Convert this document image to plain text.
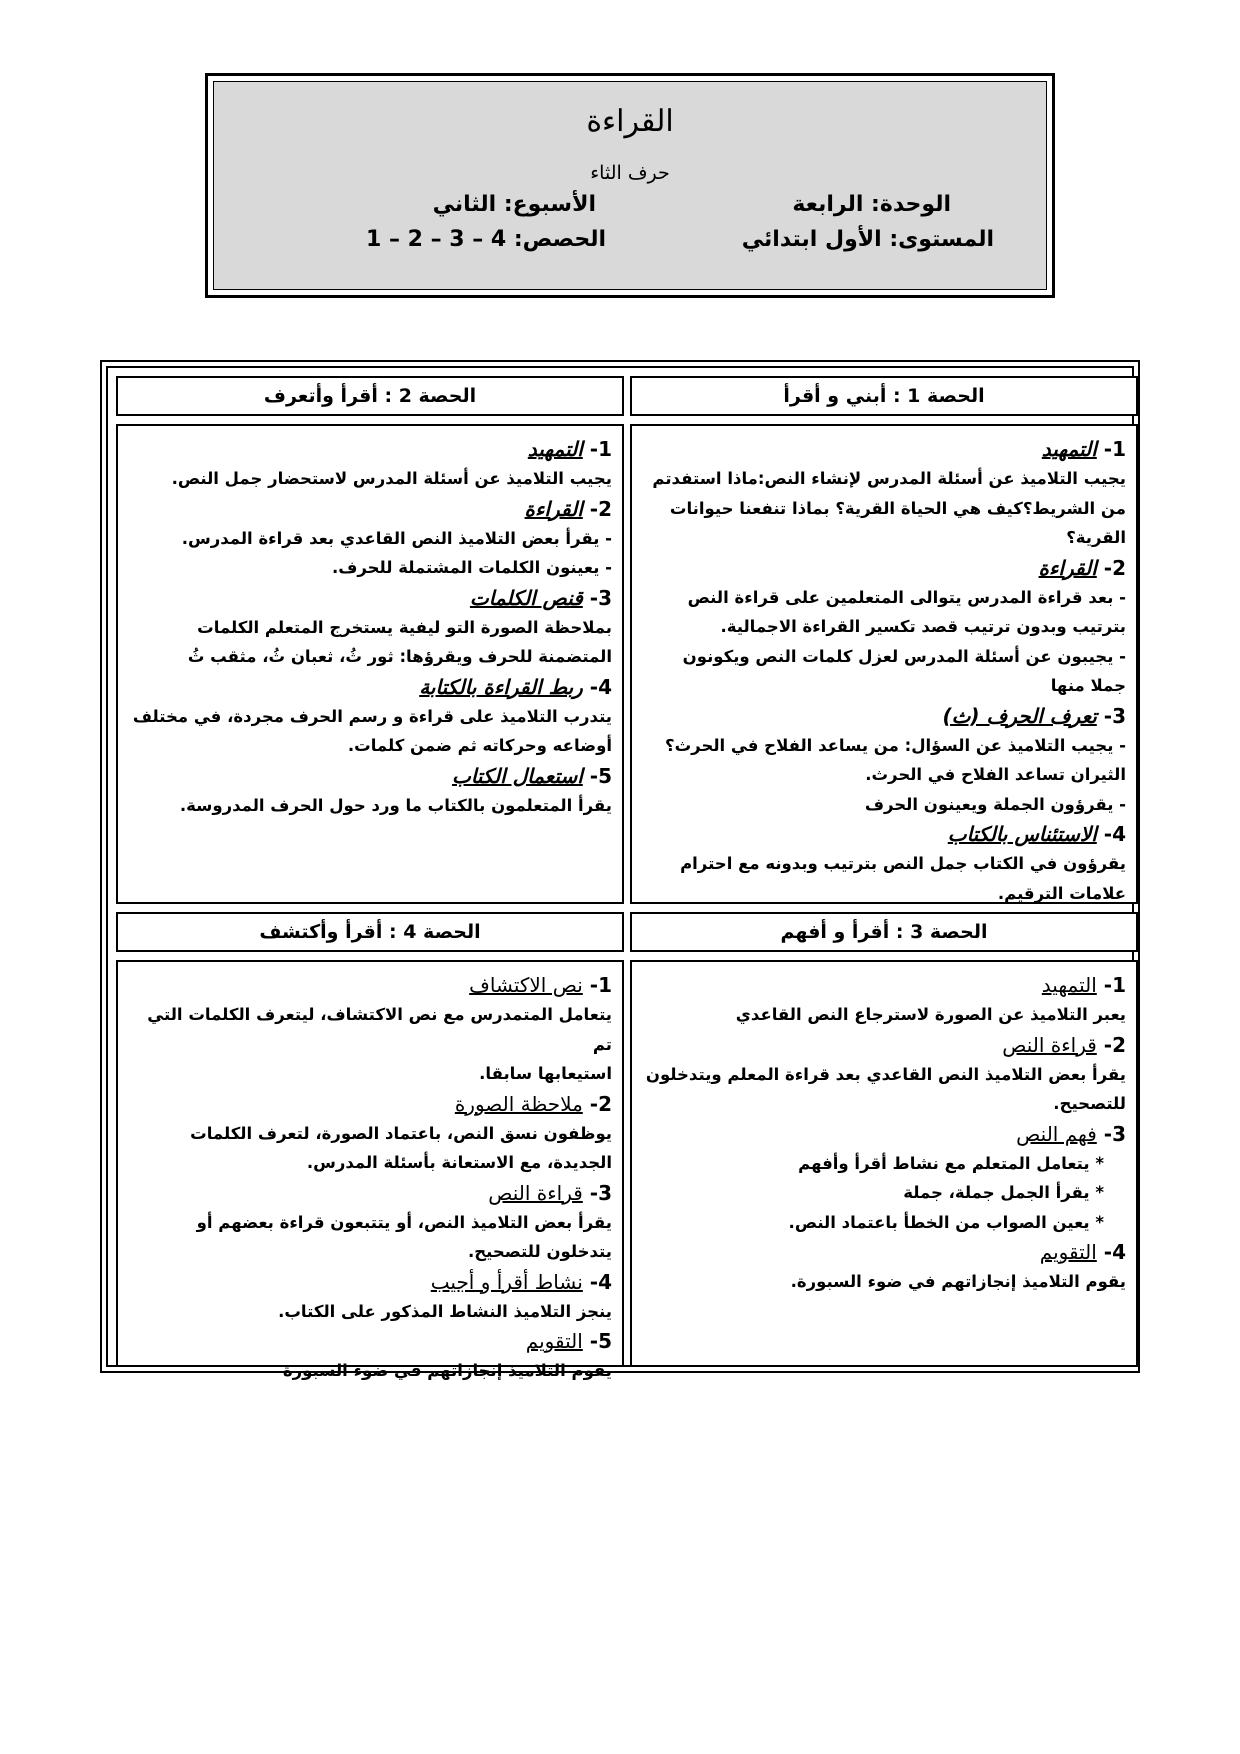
القراءة
حرف الثاء
الوحدة: الرابعة
الأسبوع: الثاني
المستوى: الأول ابتدائي
الحصص: 1 – 2 – 3 – 4
الحصة 1 : أبني و أقرأ
الحصة 2 : أقرأ وأتعرف
1- التمهيد
يجيب التلاميذ عن أسئلة المدرس لإنشاء النص:ماذا استفدتم
من الشريط؟كيف هي الحياة القرية؟ بماذا تنفعنا حيوانات
القرية؟
2- القراءة
- بعد قراءة المدرس يتوالى المتعلمين على قراءة النص
بترتيب وبدون ترتيب قصد تكسير القراءة الاجمالية.
- يجيبون عن أسئلة المدرس لعزل كلمات النص ويكونون
جملا منها
3- تعرف الحرف (ث)
- يجيب التلاميذ عن السؤال: من يساعد الفلاح في الحرث؟
الثيران تساعد الفلاح في الحرث.
- يقرؤون الجملة ويعينون الحرف
4- الاستئناس بالكتاب
يقرؤون في الكتاب جمل النص بترتيب وبدونه مع احترام
علامات الترقيم.
1- التمهيد
يجيب التلاميذ عن أسئلة المدرس لاستحضار جمل النص.
2- القراءة
- يقرأ بعض التلاميذ النص القاعدي بعد قراءة المدرس.
- يعينون الكلمات المشتملة للحرف.
3- قنص الكلمات
بملاحظة الصورة التو ليفية يستخرج المتعلم الكلمات
المتضمنة للحرف ويقرؤها: ثور ثُ، ثعبان ثُ، مثقب ثُ
4- ربط القراءة بالكتابة
يتدرب التلاميذ على قراءة و رسم الحرف مجردة، في مختلف
أوضاعه وحركاته ثم ضمن كلمات.
5- استعمال الكتاب
يقرأ المتعلمون بالكتاب ما ورد حول الحرف المدروسة.
الحصة 3 : أقرأ و أفهم
الحصة 4 : أقرأ وأكتشف
1- التمهيد
يعبر التلاميذ عن الصورة لاسترجاع النص القاعدي
2- قراءة النص
يقرأ بعض التلاميذ النص القاعدي بعد قراءة المعلم ويتدخلون
للتصحيح.
3- فهم النص
* يتعامل المتعلم مع نشاط أقرأ وأفهم
* يقرأ الجمل جملة، جملة
* يعين الصواب من الخطأ باعتماد النص.
4- التقويم
يقوم التلاميذ إنجازاتهم في ضوء السبورة.
1- نص الاكتشاف
يتعامل المتمدرس مع نص الاكتشاف، ليتعرف الكلمات التي تم
استيعابها سابقا.
2- ملاحظة الصورة
يوظفون نسق النص، باعتماد الصورة، لتعرف الكلمات
الجديدة، مع الاستعانة بأسئلة المدرس.
3- قراءة النص
يقرأ بعض التلاميذ النص، أو يتتبعون قراءة بعضهم أو
يتدخلون للتصحيح.
4- نشاط أقرأ و أجيب
ينجز التلاميذ النشاط المذكور على الكتاب.
5- التقويم
يقوم التلاميذ إنجازاتهم في ضوء السبورة
